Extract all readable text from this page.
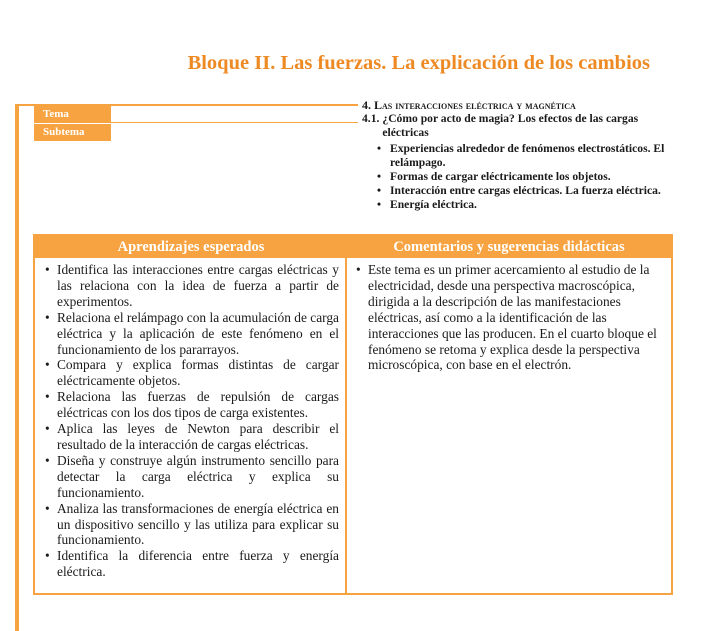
Bloque II. Las fuerzas. La explicación de los cambios
Tema
Subtema
4. Las interacciones eléctrica y magnética
4.1. ¿Cómo por acto de magia? Los efectos de las cargas eléctricas
• Experiencias alrededor de fenómenos electrostáticos. El relámpago.
• Formas de cargar eléctricamente los objetos.
• Interacción entre cargas eléctricas. La fuerza eléctrica.
• Energía eléctrica.
Aprendizajes esperados	Comentarios y sugerencias didácticas
• Identifica las interacciones entre cargas eléctricas y las relaciona con la idea de fuerza a partir de experimentos.
• Relaciona el relámpago con la acumulación de carga eléctrica y la aplicación de este fenómeno en el funcionamiento de los pararrayos.
• Compara y explica formas distintas de cargar eléctricamente objetos.
• Relaciona las fuerzas de repulsión de cargas eléctricas con los dos tipos de carga existentes.
• Aplica las leyes de Newton para describir el resultado de la interacción de cargas eléctricas.
• Diseña y construye algún instrumento sencillo para detectar la carga eléctrica y explica su funcionamiento.
• Analiza las transformaciones de energía eléctrica en un dispositivo sencillo y las utiliza para explicar su funcionamiento.
• Identifica la diferencia entre fuerza y energía eléctrica.
• Este tema es un primer acercamiento al estudio de la electricidad, desde una perspectiva macroscópica, dirigida a la descripción de las manifestaciones eléctricas, así como a la identificación de las interacciones que las producen. En el cuarto bloque el fenómeno se retoma y explica desde la perspectiva microscópica, con base en el electrón.
